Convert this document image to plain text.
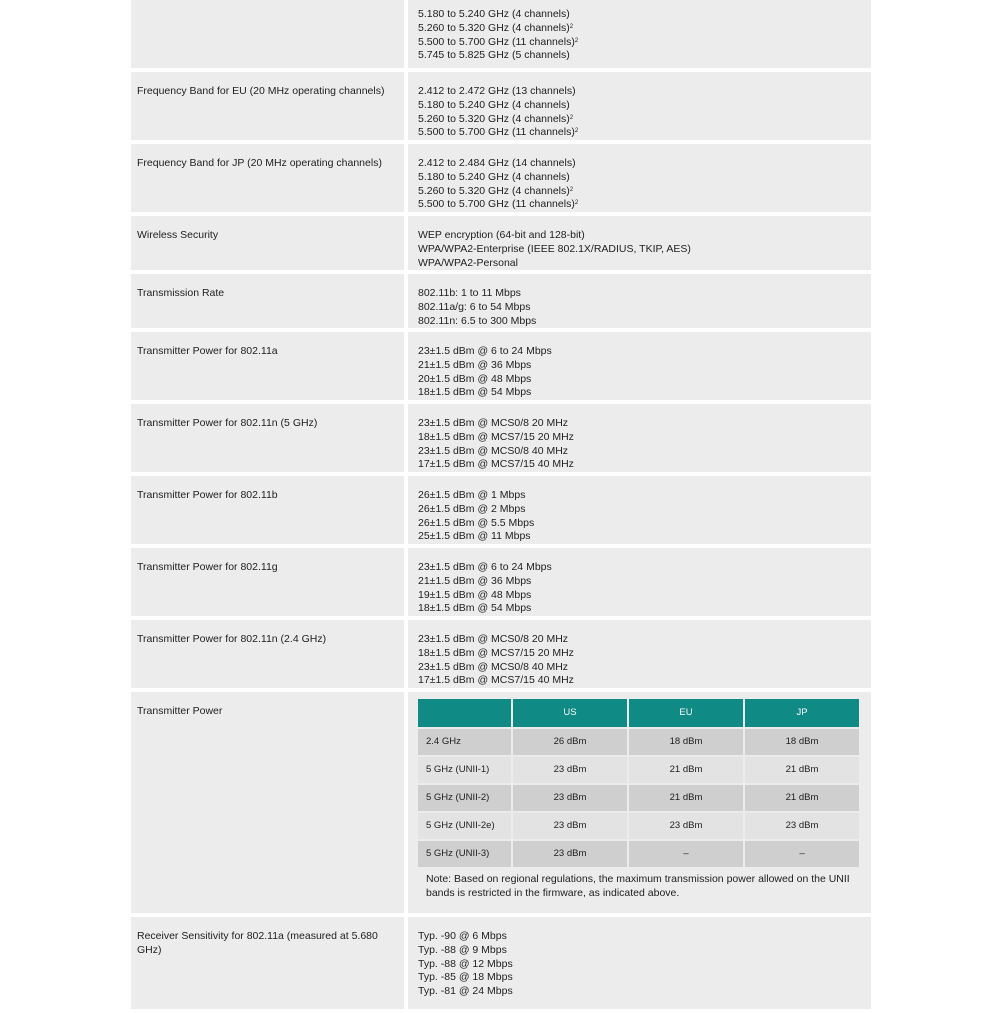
5.180 to 5.240 GHz (4 channels)
5.260 to 5.320 GHz (4 channels)$^2$
5.500 to 5.700 GHz (11 channels)$^2$
5.745 to 5.825 GHz (5 channels)
Frequency Band for EU (20 MHz operating channels)	2.412 to 2.472 GHz (13 channels)
5.180 to 5.240 GHz (4 channels)
5.260 to 5.320 GHz (4 channels)$^2$
5.500 to 5.700 GHz (11 channels)$^2$
Frequency Band for JP (20 MHz operating channels)	2.412 to 2.484 GHz (14 channels)
5.180 to 5.240 GHz (4 channels)
5.260 to 5.320 GHz (4 channels)$^2$
5.500 to 5.700 GHz (11 channels)$^2$
Wireless Security	WEP encryption (64-bit and 128-bit)
WPA/WPA2-Enterprise (IEEE 802.1X/RADIUS, TKIP, AES)
WPA/WPA2-Personal
Transmission Rate	802.11b: 1 to 11 Mbps
802.11a/g: 6 to 54 Mbps
802.11n: 6.5 to 300 Mbps
Transmitter Power for 802.11a	23±1.5 dBm @ 6 to 24 Mbps
21±1.5 dBm @ 36 Mbps
20±1.5 dBm @ 48 Mbps
18±1.5 dBm @ 54 Mbps
Transmitter Power for 802.11n (5 GHz)	23±1.5 dBm @ MCS0/8 20 MHz
18±1.5 dBm @ MCS7/15 20 MHz
23±1.5 dBm @ MCS0/8 40 MHz
17±1.5 dBm @ MCS7/15 40 MHz
Transmitter Power for 802.11b	26±1.5 dBm @ 1 Mbps
26±1.5 dBm @ 2 Mbps
26±1.5 dBm @ 5.5 Mbps
25±1.5 dBm @ 11 Mbps
Transmitter Power for 802.11g	23±1.5 dBm @ 6 to 24 Mbps
21±1.5 dBm @ 36 Mbps
19±1.5 dBm @ 48 Mbps
18±1.5 dBm @ 54 Mbps
Transmitter Power for 802.11n (2.4 GHz)	23±1.5 dBm @ MCS0/8 20 MHz
18±1.5 dBm @ MCS7/15 20 MHz
23±1.5 dBm @ MCS0/8 40 MHz
17±1.5 dBm @ MCS7/15 40 MHz
Transmitter Power
		US	EU	JP
2.4 GHz	26 dBm	18 dBm	18 dBm
5 GHz (UNII-1)	23 dBm	21 dBm	21 dBm
5 GHz (UNII-2)	23 dBm	21 dBm	21 dBm
5 GHz (UNII-2e)	23 dBm	23 dBm	23 dBm
5 GHz (UNII-3)	23 dBm	–	–
Note: Based on regional regulations, the maximum transmission power allowed on the UNII bands is restricted in the firmware, as indicated above.
Receiver Sensitivity for 802.11a (measured at 5.680 GHz)
Typ. -90 @ 6 Mbps
Typ. -88 @ 9 Mbps
Typ. -88 @ 12 Mbps
Typ. -85 @ 18 Mbps
Typ. -81 @ 24 Mbps
